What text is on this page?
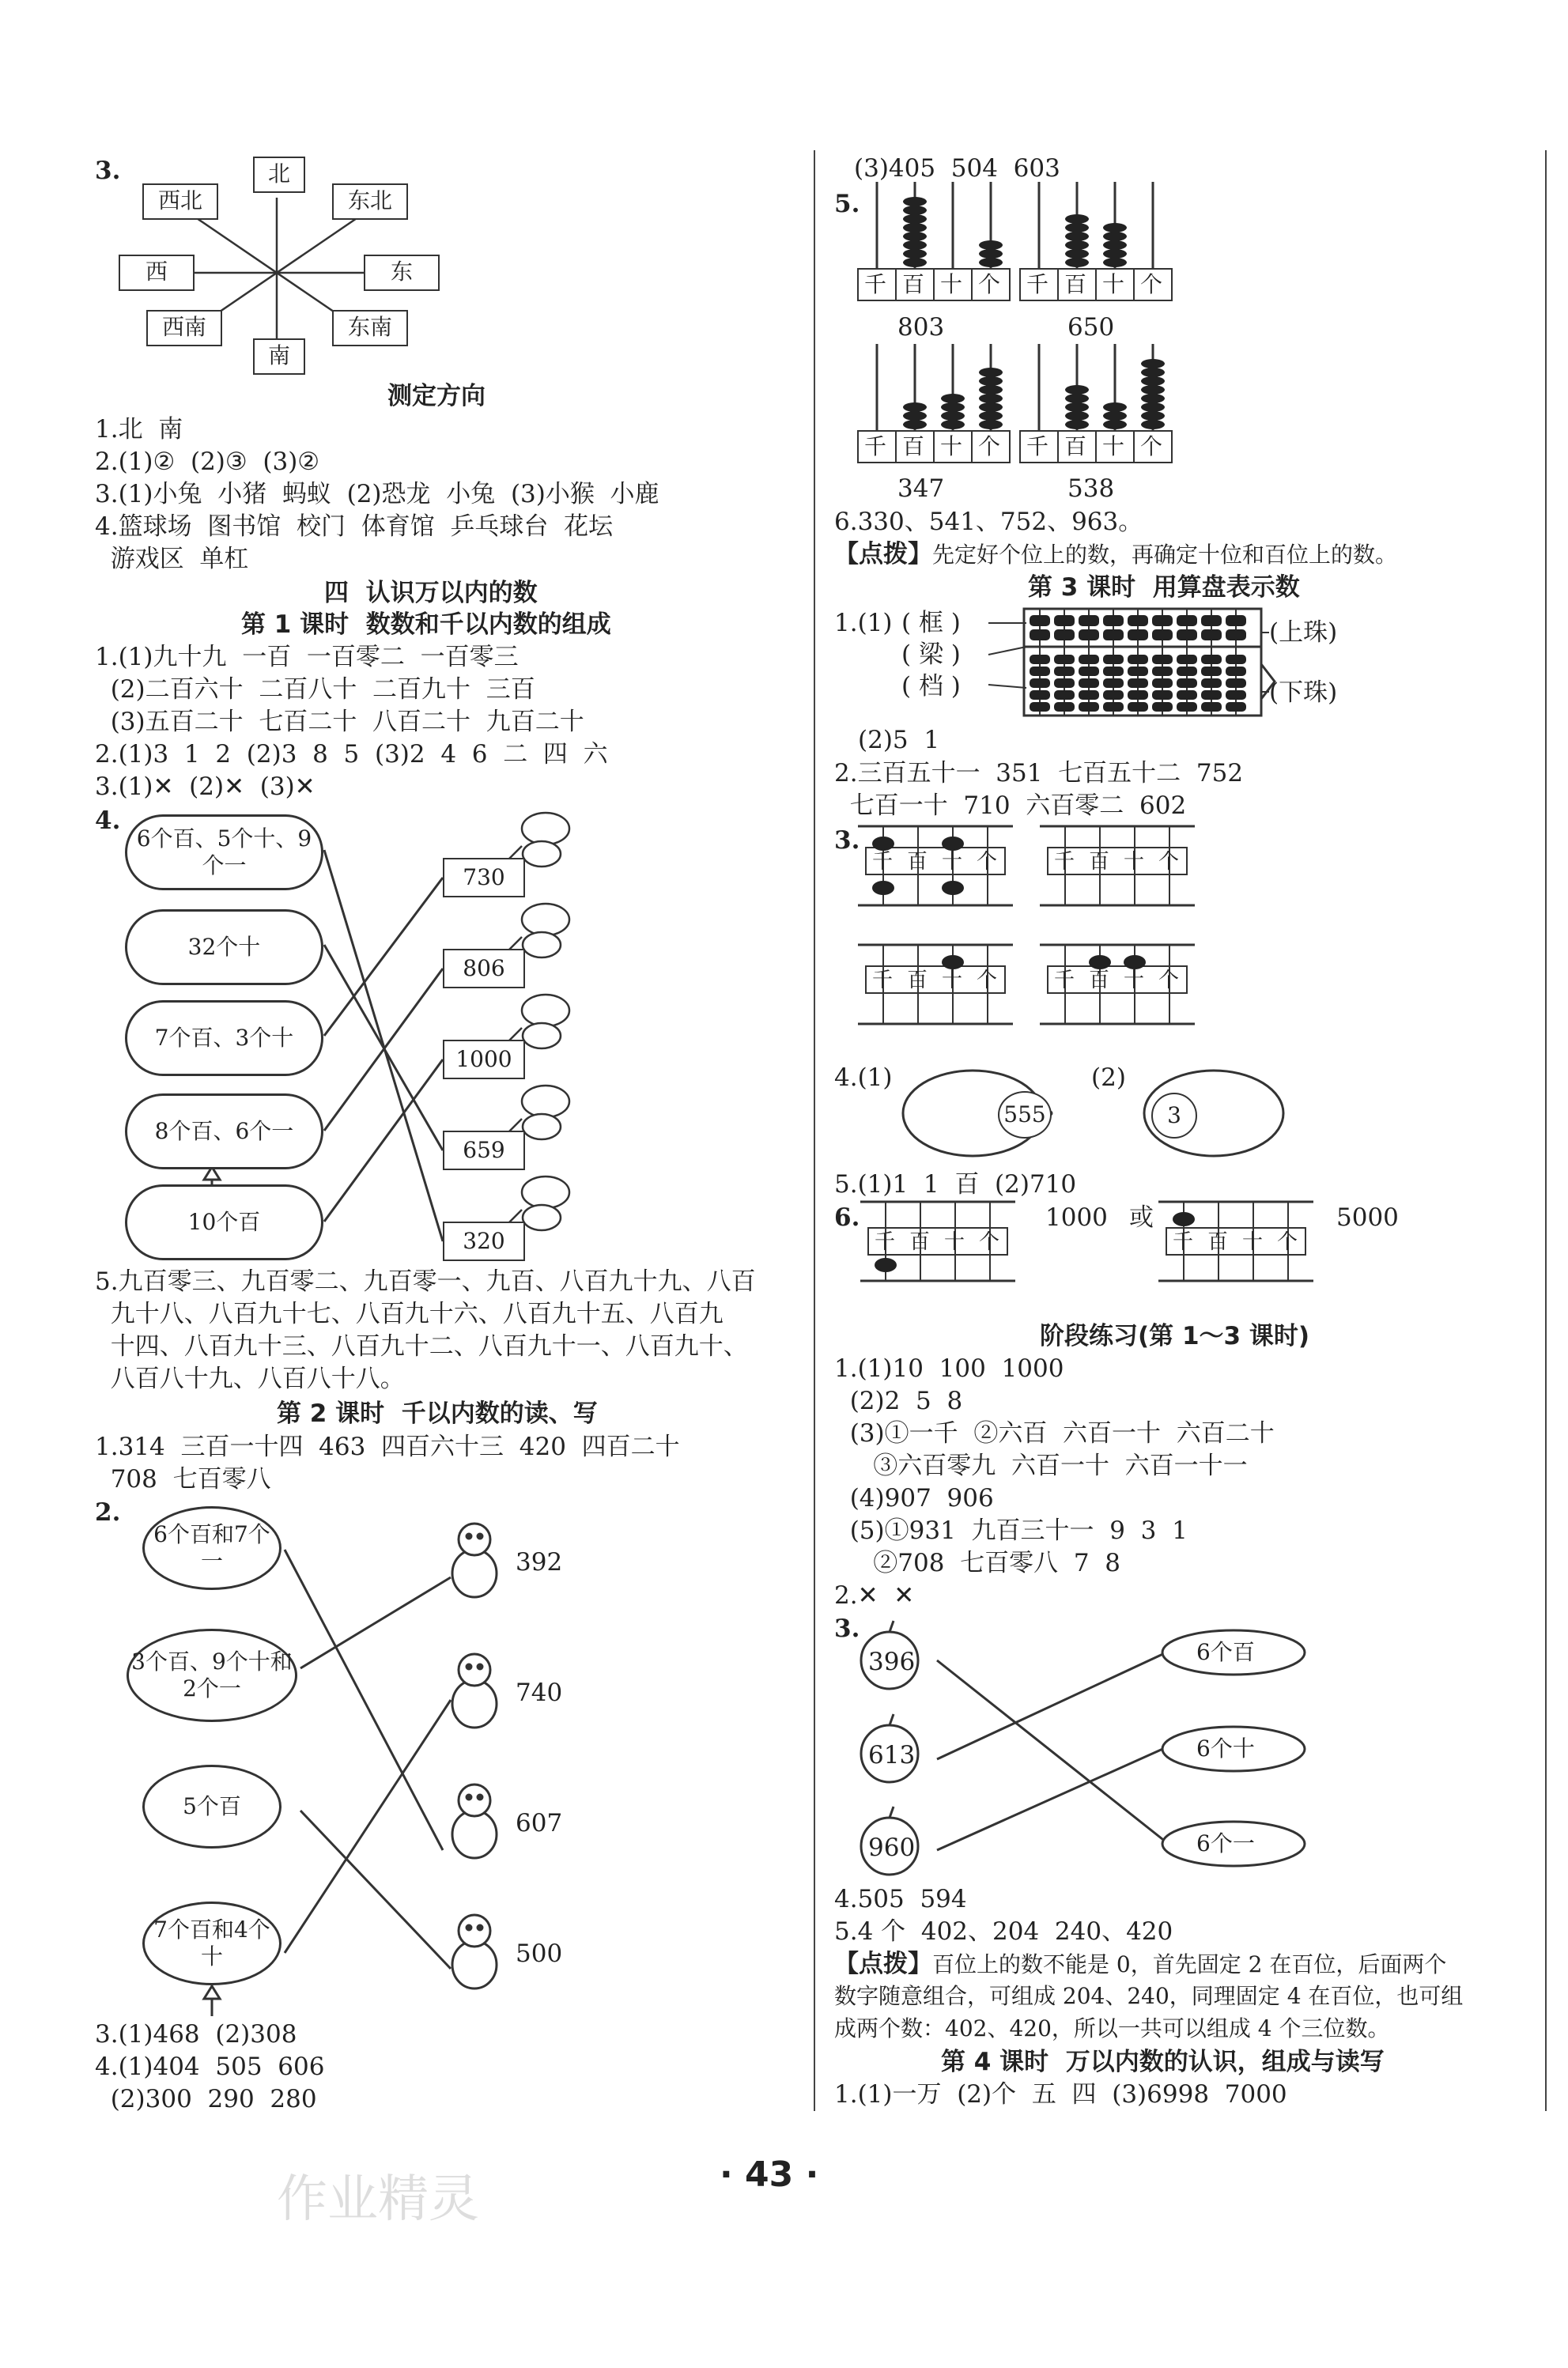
3.	北
西北	东北
西	东
西南	东南
南
测定方向
1.北  南
2.(1)②  (2)③  (3)②
3.(1)小兔  小猪  蚂蚁  (2)恐龙  小兔  (3)小猴  小鹿
4.篮球场  图书馆  校门  体育馆  乒乓球台  花坛
游戏区  单杠
四  认识万以内的数
第 1 课时  数数和千以内数的组成
1.(1)九十九  一百  一百零二  一百零三
(2)二百六十  二百八十  二百九十  三百
(3)五百二十  七百二十  八百二十  九百二十
2.(1)3  1  2  (2)3  8  5  (3)2  4  6  二  四  六
3.(1)✕  (2)✕  (3)✕
4.
6个百、5个十、9个一
32个十
7个百、3个十
8个百、6个一
10个百
730
806
1000
659
320
5.九百零三、九百零二、九百零一、九百、八百九十九、八百
九十八、八百九十七、八百九十六、八百九十五、八百九
十四、八百九十三、八百九十二、八百九十一、八百九十、
八百八十九、八百八十八。
第 2 课时  千以内数的读、写
1.314  三百一十四  463  四百六十三  420  四百二十
708  七百零八
2.
6个百和7个一
3个百、9个十和2个一
5个百
7个百和4个十
392
740
607
500
3.(1)468  (2)308
4.(1)404  505  606
(2)300  290  280
(3)405  504  603
5.
803	650
347	538
6.330、541、752、963。
【点拨】先定好个位上的数，再确定十位和百位上的数。
第 3 课时  用算盘表示数
1.(1) ( 框 )
( 梁 )
( 档 )
(上珠)
(下珠)
(2)5  1
2.三百五十一  351  七百五十二  752
七百一十  710  六百零二  602
3.
4.(1)	(2)
555	3
5.(1)1  1  百  (2)710
6.	1000 或	5000
阶段练习(第 1～3 课时)
1.(1)10  100  1000
(2)2  5  8
(3)①一千  ②六百  六百一十  六百二十
③六百零九  六百一十  六百一十一
(4)907  906
(5)①931  九百三十一  9  3  1
②708  七百零八  7  8
2.✕  ✕
3.
396
613
960
6个百
6个十
6个一
4.505  594
5.4 个  402、204  240、420
【点拨】百位上的数不能是 0，首先固定 2 在百位，后面两个
数字随意组合，可组成 204、240，同理固定 4 在百位，也可组
成两个数：402、420，所以一共可以组成 4 个三位数。
第 4 课时  万以内数的认识，组成与读写
1.(1)一万  (2)个  五  四  (3)6998  7000
千 百 十 个 千 百 十 个
千 百 十 个 千 百 十 个
千 百 十 个	千 百 十 个
千 百 十 个	千 百 十 个
千 百 十 个	千 百 十 个
· 43 ·
作业精灵
